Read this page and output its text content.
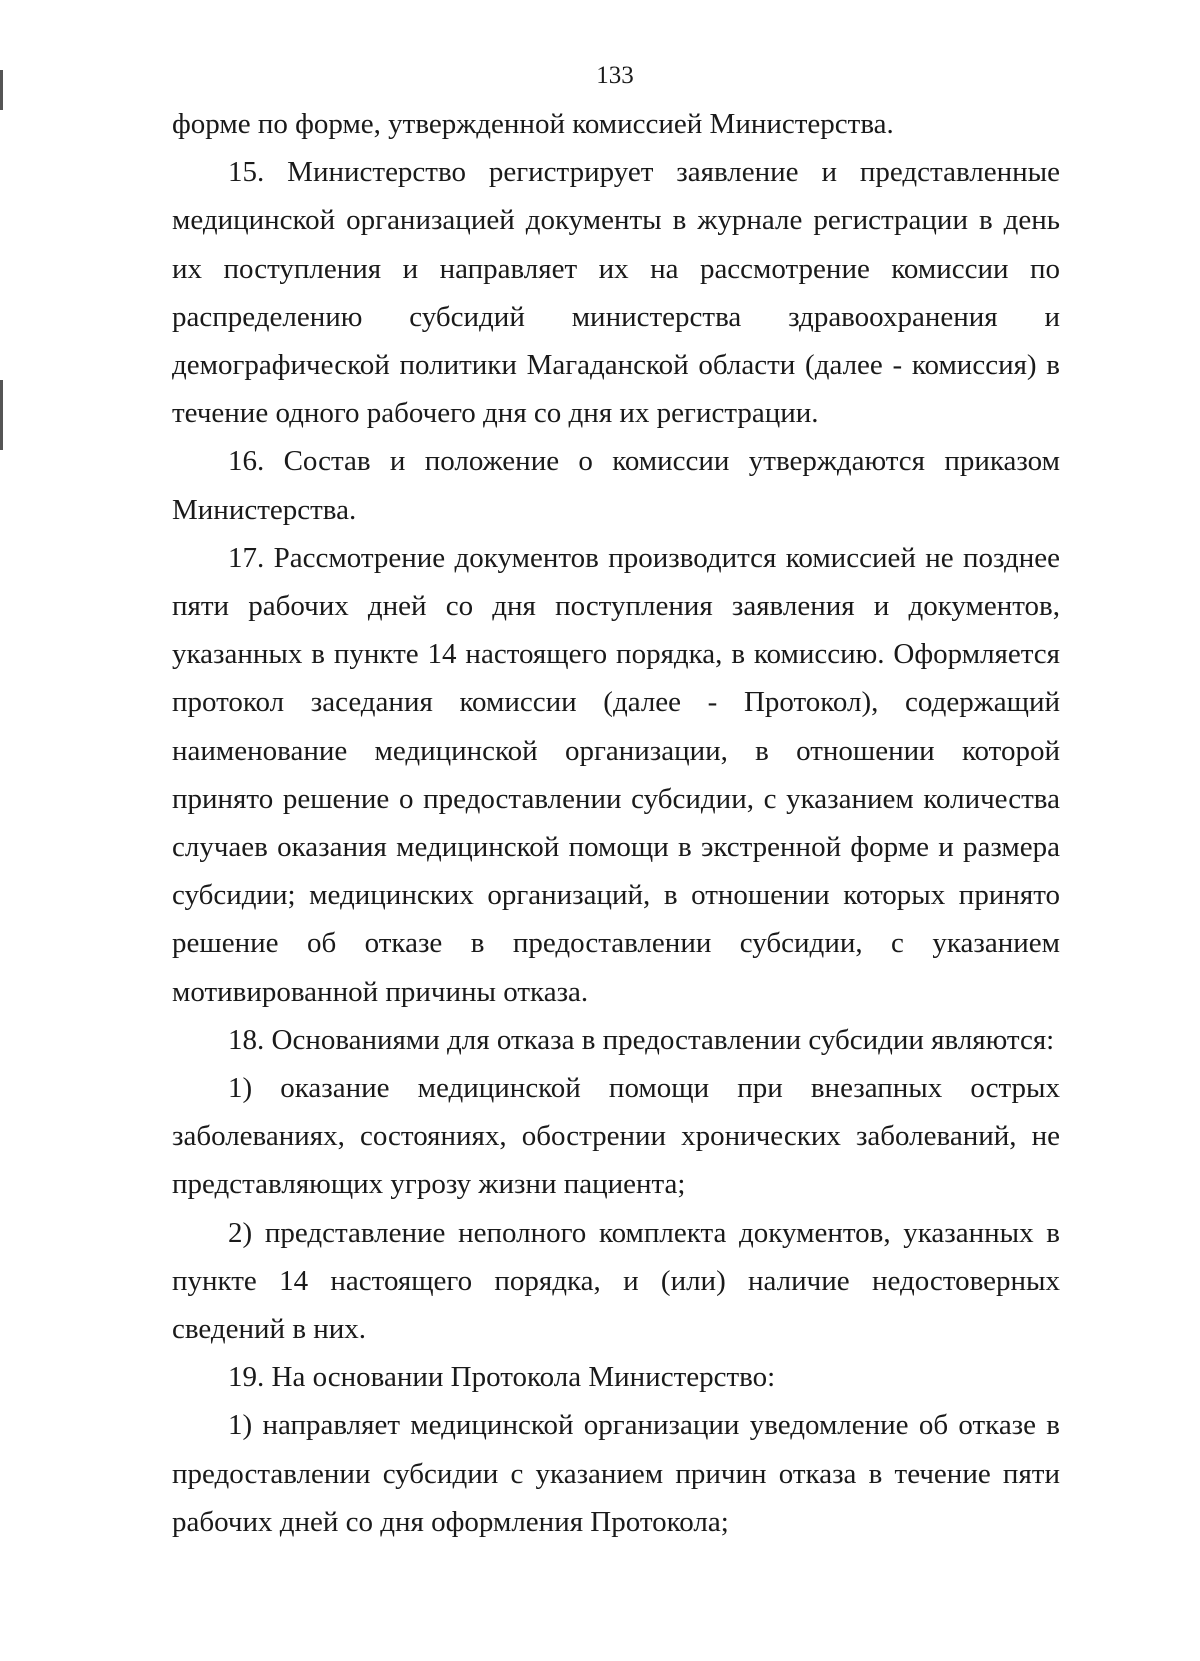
133

форме по форме, утвержденной комиссией Министерства.

15. Министерство регистрирует заявление и представленные медицинской организацией документы в журнале регистрации в день их поступления и направляет их на рассмотрение комиссии по распределению субсидий министерства здравоохранения и демографической политики Магаданской области (далее - комиссия) в течение одного рабочего дня со дня их регистрации.

16. Состав и положение о комиссии утверждаются приказом Министерства.

17. Рассмотрение документов производится комиссией не позднее пяти рабочих дней со дня поступления заявления и документов, указанных в пункте 14 настоящего порядка, в комиссию. Оформляется протокол заседания комиссии (далее - Протокол), содержащий наименование медицинской организации, в отношении которой принято решение о предоставлении субсидии, с указанием количества случаев оказания медицинской помощи в экстренной форме и размера субсидии; медицинских организаций, в отношении которых принято решение об отказе в предоставлении субсидии, с указанием мотивированной причины отказа.

18. Основаниями для отказа в предоставлении субсидии являются:

1) оказание медицинской помощи при внезапных острых заболеваниях, состояниях, обострении хронических заболеваний, не представляющих угрозу жизни пациента;

2) представление неполного комплекта документов, указанных в пункте 14 настоящего порядка, и (или) наличие недостоверных сведений в них.

19. На основании Протокола Министерство:

1) направляет медицинской организации уведомление об отказе в предоставлении субсидии с указанием причин отказа в течение пяти рабочих дней со дня оформления Протокола;
